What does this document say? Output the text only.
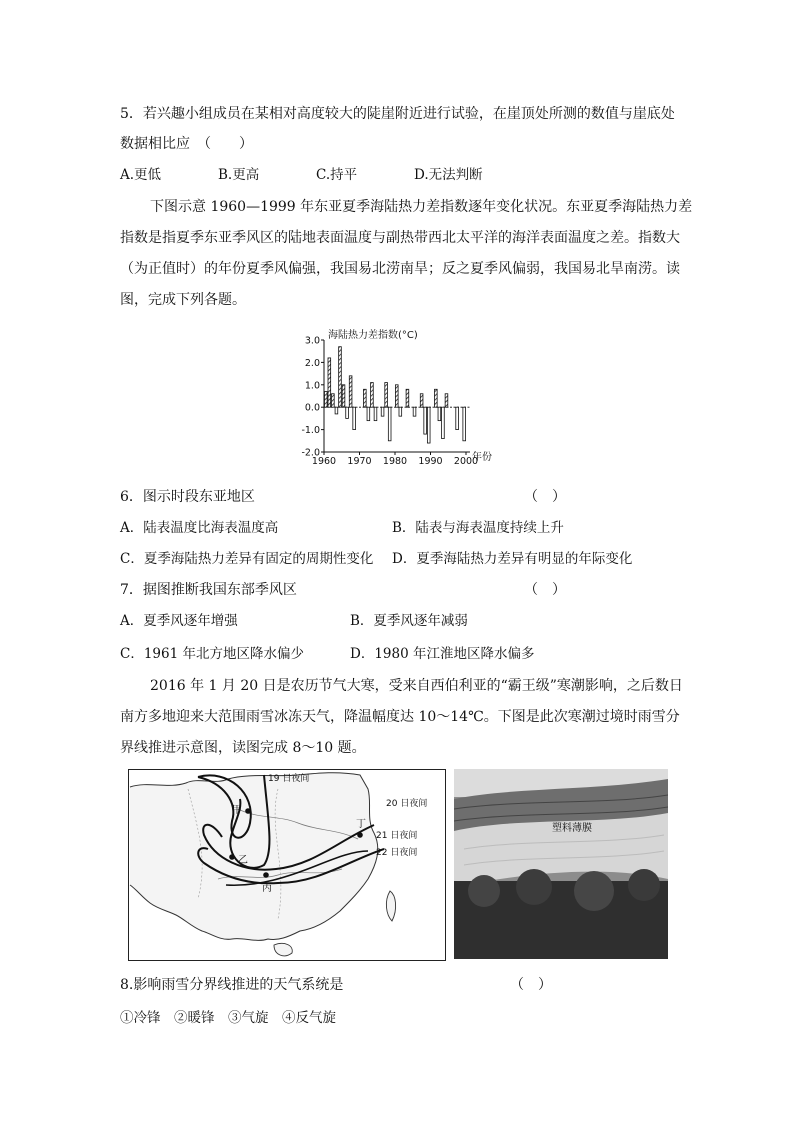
5．若兴趣小组成员在某相对高度较大的陡崖附近进行试验，在崖顶处所测的数值与崖底处
数据相比应　（　　）
A.更低	B.更高	C.持平	D.无法判断
下图示意 1960—1999 年东亚夏季海陆热力差指数逐年变化状况。东亚夏季海陆热力差
指数是指夏季东亚季风区的陆地表面温度与副热带西北太平洋的海洋表面温度之差。指数大
（为正值时）的年份夏季风偏强，我国易北涝南旱；反之夏季风偏弱，我国易北旱南涝。读
图，完成下列各题。
海陆热力差指数(°C)
3.0
2.0
1.0
0.0
-1.0
-2.0
1960 1970 1980 1990 2000
年份
6．图示时段东亚地区	（　）
A．陆表温度比海表温度高	B．陆表与海表温度持续上升
C．夏季海陆热力差异有固定的周期性变化 D．夏季海陆热力差异有明显的年际变化
7．据图推断我国东部季风区	（　）
A．夏季风逐年增强	B．夏季风逐年减弱
C．1961 年北方地区降水偏少	D．1980 年江淮地区降水偏多
2016 年 1 月 20 日是农历节气大寒，受来自西伯利亚的“霸王级”寒潮影响，之后数日
南方多地迎来大范围雨雪冰冻天气，降温幅度达 10～14℃。下图是此次寒潮过境时雨雪分
界线推进示意图，读图完成 8～10 题。
19 日夜间
20 日夜间
21 日夜间
22 日夜间
甲
乙
丙
丁	塑料薄膜
8.影响雨雪分界线推进的天气系统是	（　）
①冷锋　②暖锋　③气旋　④反气旋
